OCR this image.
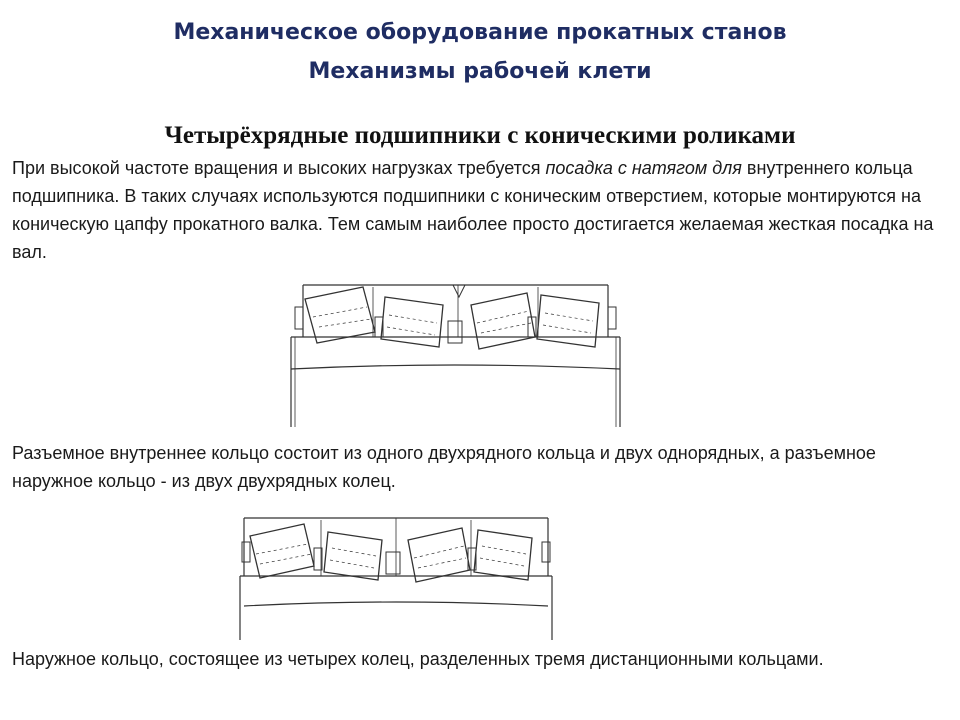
Механическое оборудование прокатных станов
Механизмы рабочей клети
Четырёхрядные подшипники с коническими роликами
При высокой частоте вращения и высоких нагрузках требуется посадка с натягом для внутреннего кольца подшипника. В таких случаях используются подшипники с коническим отверстием, которые монтируются на коническую цапфу прокатного валка. Тем самым наиболее просто достигается желаемая жесткая посадка на вал.
Разъемное внутреннее кольцо состоит из одного двухрядного кольца и двух однорядных, а разъемное наружное кольцо - из двух двухрядных колец.
Наружное кольцо, состоящее из четырех колец, разделенных тремя дистанционными кольцами.
